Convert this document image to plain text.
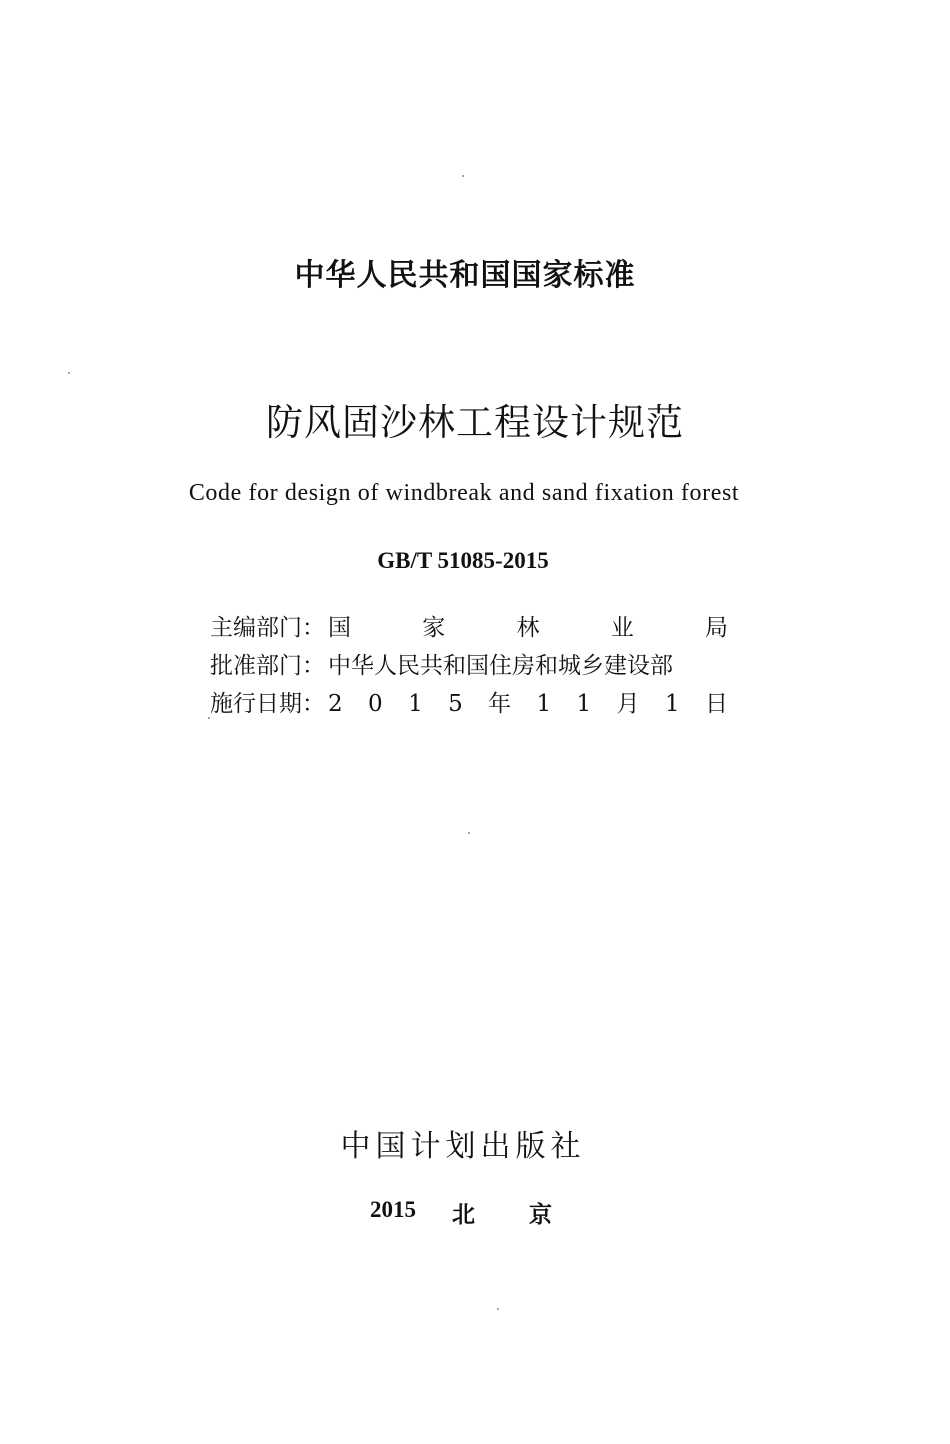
中华人民共和国国家标准
防风固沙林工程设计规范
Code for design of windbreak and sand fixation forest
GB/T 51085-2015
主编部门： 国	家	林	业	局
批准部门： 中华人民共和国住房和城乡建设部
施行日期： 2 0 1 5 年 1 1 月 1 日
中国计划出版社
2015 北 京
